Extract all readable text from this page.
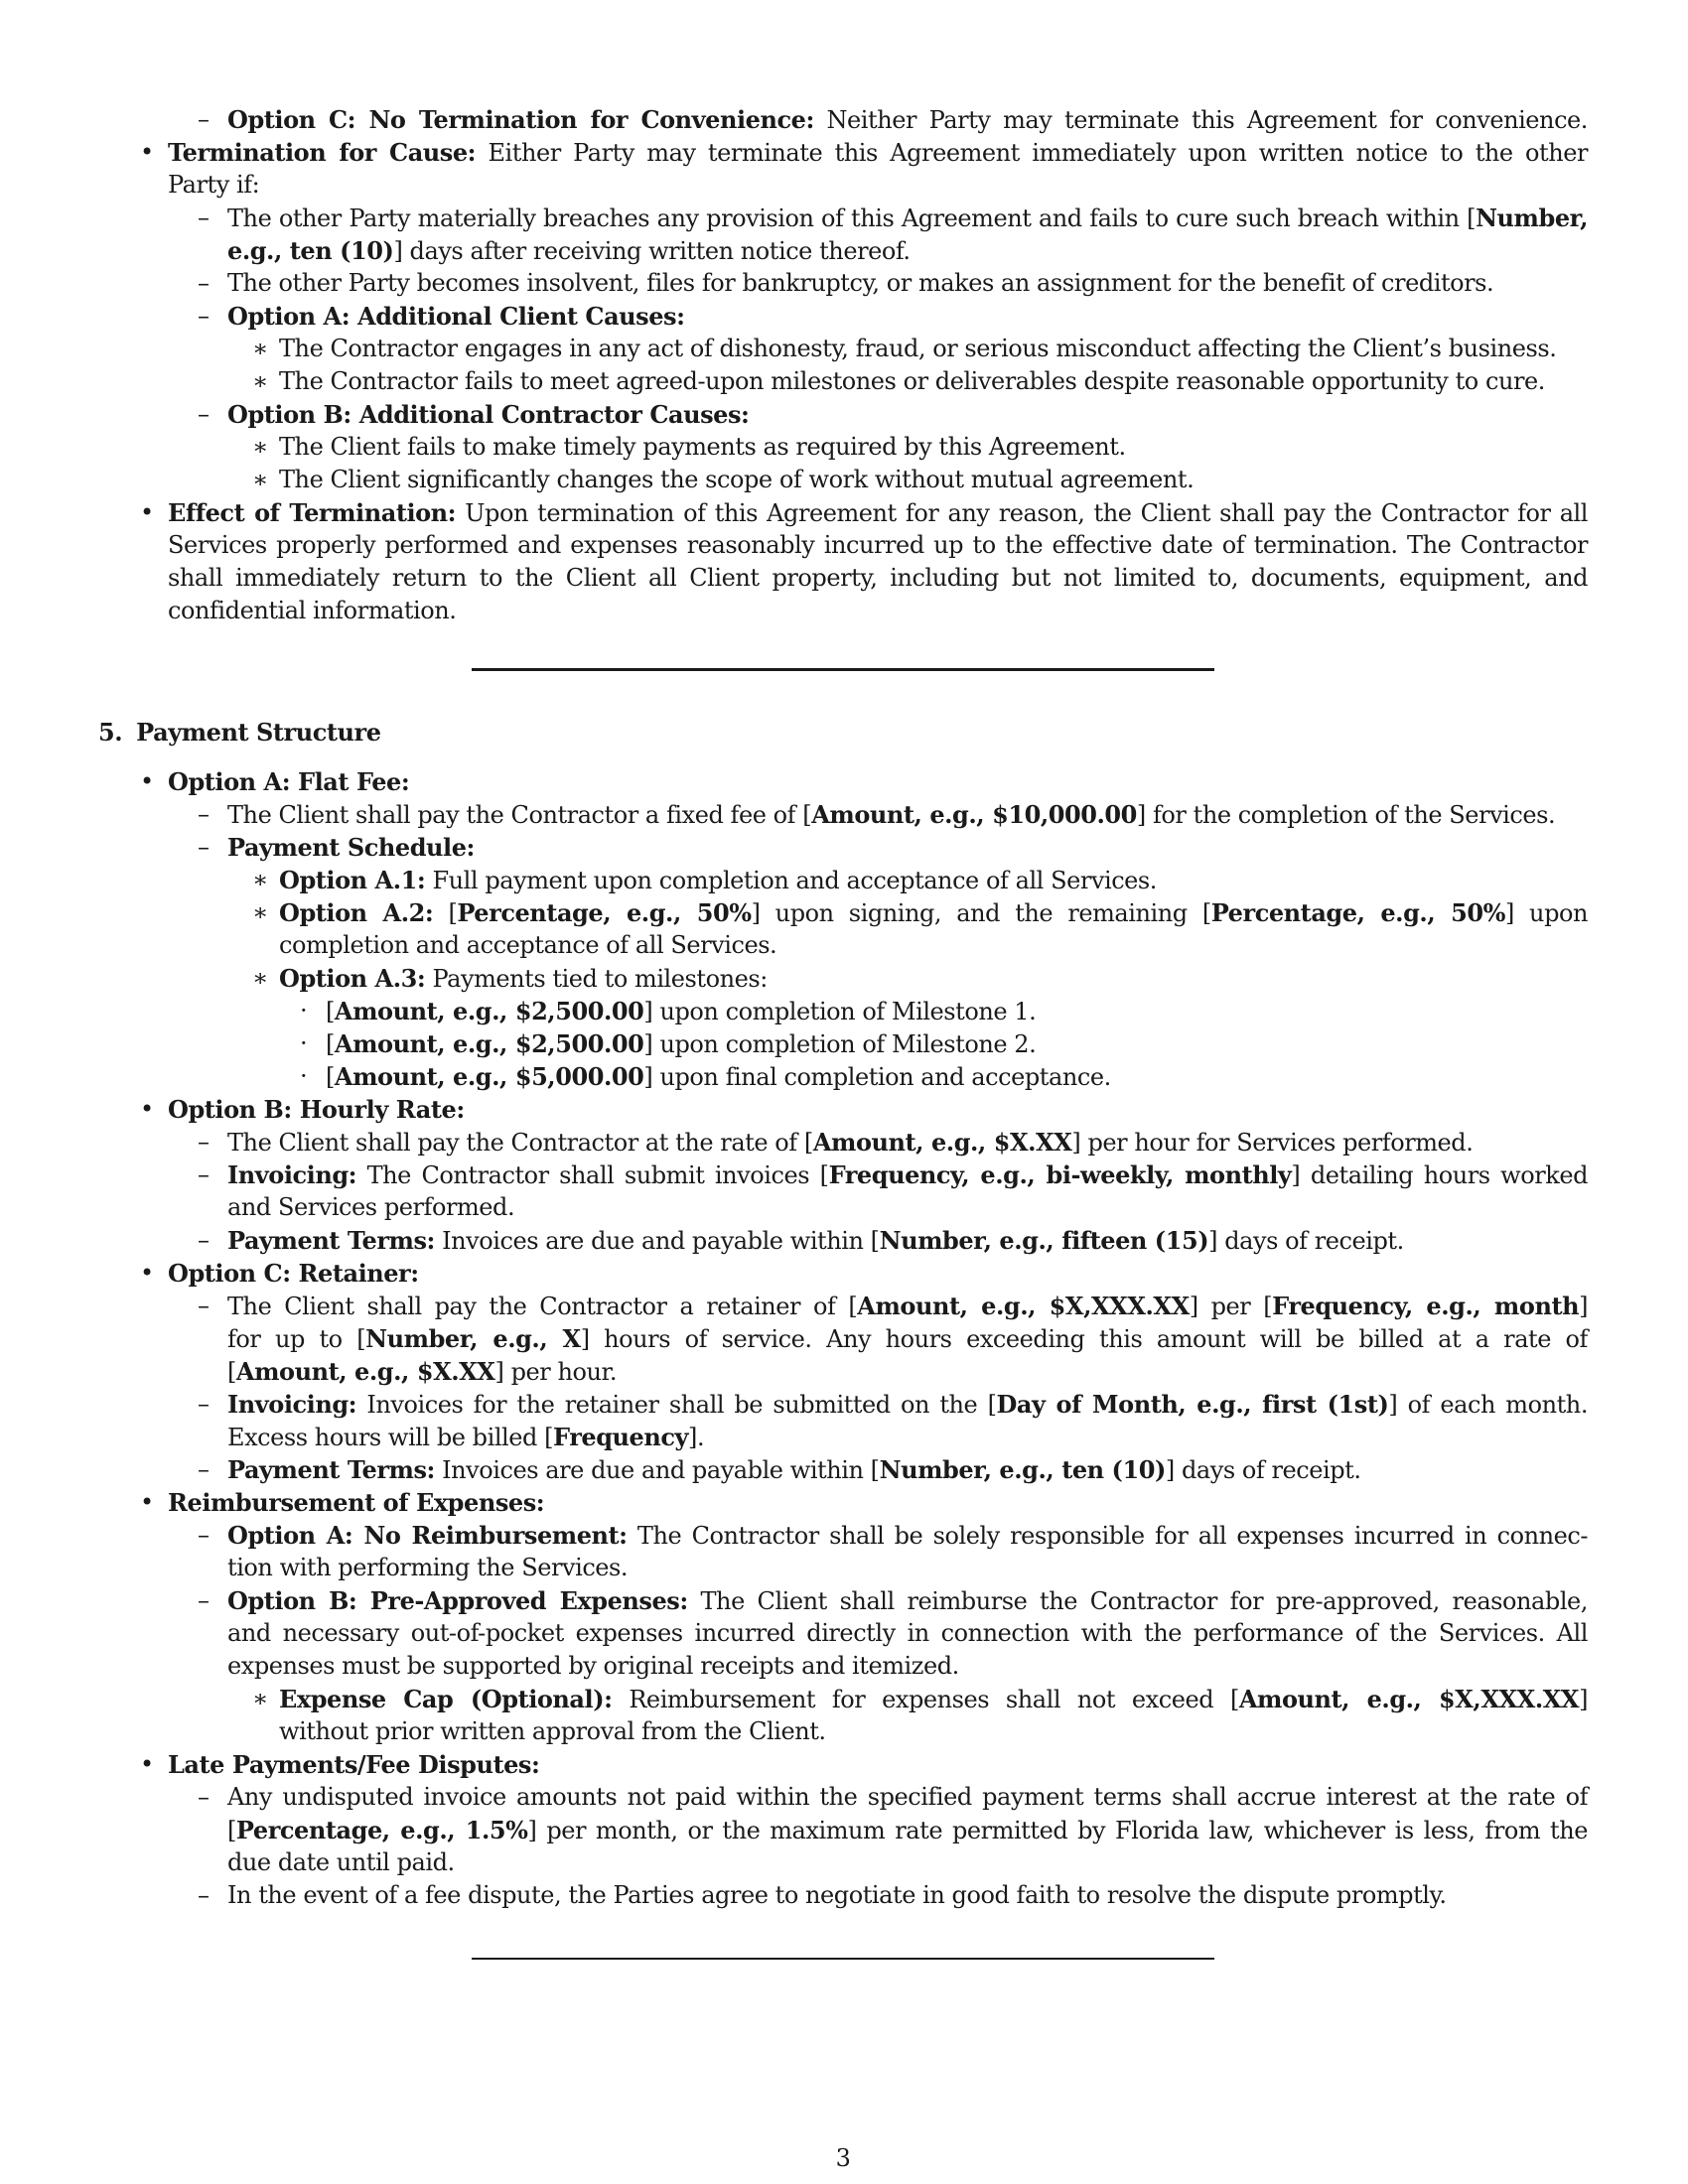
– Option C: No Termination for Convenience: Neither Party may terminate this Agreement for convenience.
• Termination for Cause: Either Party may terminate this Agreement immediately upon written notice to the other
Party if:
– The other Party materially breaches any provision of this Agreement and fails to cure such breach within [Number,
e.g., ten (10)] days after receiving written notice thereof.
– The other Party becomes insolvent, files for bankruptcy, or makes an assignment for the benefit of creditors.
– Option A: Additional Client Causes:
∗ The Contractor engages in any act of dishonesty, fraud, or serious misconduct affecting the Client’s business.
∗ The Contractor fails to meet agreed-upon milestones or deliverables despite reasonable opportunity to cure.
– Option B: Additional Contractor Causes:
∗ The Client fails to make timely payments as required by this Agreement.
∗ The Client significantly changes the scope of work without mutual agreement.
• Effect of Termination: Upon termination of this Agreement for any reason, the Client shall pay the Contractor for all
Services properly performed and expenses reasonably incurred up to the effective date of termination. The Contractor
shall immediately return to the Client all Client property, including but not limited to, documents, equipment, and
confidential information.
5. Payment Structure
• Option A: Flat Fee:
– The Client shall pay the Contractor a fixed fee of [Amount, e.g., $10,000.00] for the completion of the Services.
– Payment Schedule:
∗ Option A.1: Full payment upon completion and acceptance of all Services.
∗ Option A.2: [Percentage, e.g., 50%] upon signing, and the remaining [Percentage, e.g., 50%] upon
completion and acceptance of all Services.
∗ Option A.3: Payments tied to milestones:
· [Amount, e.g., $2,500.00] upon completion of Milestone 1.
· [Amount, e.g., $2,500.00] upon completion of Milestone 2.
· [Amount, e.g., $5,000.00] upon final completion and acceptance.
• Option B: Hourly Rate:
– The Client shall pay the Contractor at the rate of [Amount, e.g., $X.XX] per hour for Services performed.
– Invoicing: The Contractor shall submit invoices [Frequency, e.g., bi-weekly, monthly] detailing hours worked
and Services performed.
– Payment Terms: Invoices are due and payable within [Number, e.g., fifteen (15)] days of receipt.
• Option C: Retainer:
– The Client shall pay the Contractor a retainer of [Amount, e.g., $X,XXX.XX] per [Frequency, e.g., month]
for up to [Number, e.g., X] hours of service. Any hours exceeding this amount will be billed at a rate of
[Amount, e.g., $X.XX] per hour.
– Invoicing: Invoices for the retainer shall be submitted on the [Day of Month, e.g., first (1st)] of each month.
Excess hours will be billed [Frequency].
– Payment Terms: Invoices are due and payable within [Number, e.g., ten (10)] days of receipt.
• Reimbursement of Expenses:
– Option A: No Reimbursement: The Contractor shall be solely responsible for all expenses incurred in connec-
tion with performing the Services.
– Option B: Pre-Approved Expenses: The Client shall reimburse the Contractor for pre-approved, reasonable,
and necessary out-of-pocket expenses incurred directly in connection with the performance of the Services. All
expenses must be supported by original receipts and itemized.
∗ Expense Cap (Optional): Reimbursement for expenses shall not exceed [Amount, e.g., $X,XXX.XX]
without prior written approval from the Client.
• Late Payments/Fee Disputes:
– Any undisputed invoice amounts not paid within the specified payment terms shall accrue interest at the rate of
[Percentage, e.g., 1.5%] per month, or the maximum rate permitted by Florida law, whichever is less, from the
due date until paid.
– In the event of a fee dispute, the Parties agree to negotiate in good faith to resolve the dispute promptly.
3
